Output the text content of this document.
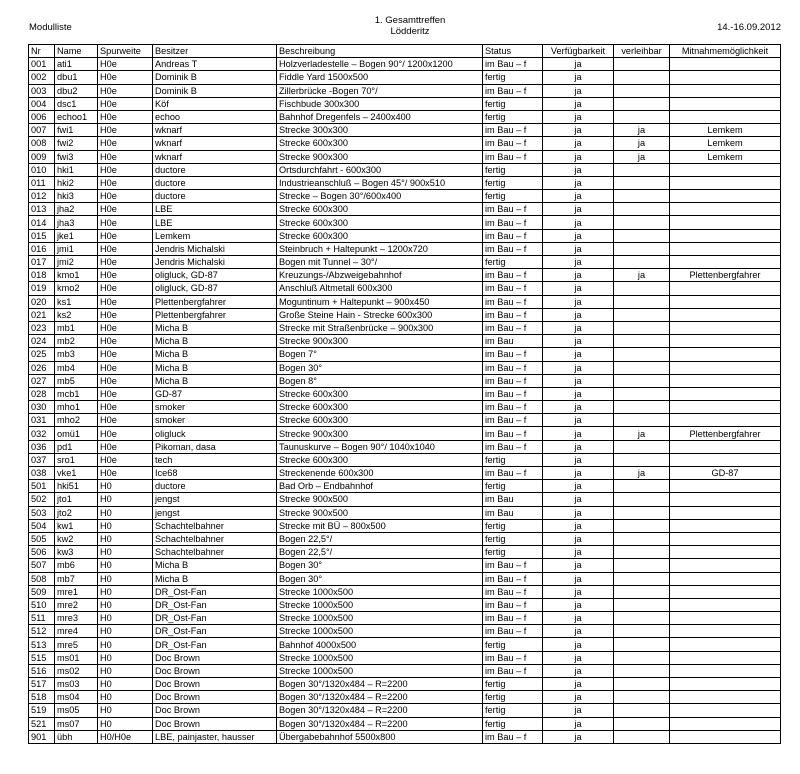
Modulliste
1. Gesamttreffen
Lödderitz	14.-16.09.2012
Nr	Name	Spurweite	Besitzer	Beschreibung	Status	Verfügbarkeit	verleihbar	Mitnahmemöglichkeit
001	ati1	H0e	Andreas T	Holzverladestelle – Bogen 90°/ 1200x1200	im Bau – f	ja		
002	dbu1	H0e	Dominik B	Fiddle Yard 1500x500	fertig	ja		
003	dbu2	H0e	Dominik B	Zillerbrücke -Bogen 70°/	im Bau – f	ja		
004	dsc1	H0e	Köf	Fischbude 300x300	fertig	ja		
006	echoo1	H0e	echoo	Bahnhof Dregenfels – 2400x400	fertig	ja		
007	fwi1	H0e	wknarf	Strecke 300x300	im Bau – f	ja	ja	Lemkem
008	fwi2	H0e	wknarf	Strecke 600x300	im Bau – f	ja	ja	Lemkem
009	fwi3	H0e	wknarf	Strecke 900x300	im Bau – f	ja	ja	Lemkem
010	hki1	H0e	ductore	Ortsdurchfahrt - 600x300	fertig	ja		
011	hki2	H0e	ductore	Industrieanschluß – Bogen 45°/ 900x510	fertig	ja		
012	hki3	H0e	ductore	Strecke – Bogen 30°/600x400	fertig	ja		
013	jha2	H0e	LBE	Strecke 600x300	im Bau – f	ja		
014	jha3	H0e	LBE	Strecke 600x300	im Bau – f	ja		
015	jke1	H0e	Lemkem	Strecke 600x300	im Bau – f	ja		
016	jmi1	H0e	Jendris Michalski	Steinbruch + Haltepunkt – 1200x720	im Bau – f	ja		
017	jmi2	H0e	Jendris Michalski	Bogen mit Tunnel – 30°/	fertig	ja		
018	kmo1	H0e	oligluck, GD-87	Kreuzungs-/Abzweigebahnhof	im Bau – f	ja	ja	Plettenbergfahrer
019	kmo2	H0e	oligluck, GD-87	Anschluß Altmetall 600x300	im Bau – f	ja		
020	ks1	H0e	Plettenbergfahrer	Moguntinum + Haltepunkt – 900x450	im Bau – f	ja		
021	ks2	H0e	Plettenbergfahrer	Große Steine Hain - Strecke 600x300	im Bau – f	ja		
023	mb1	H0e	Micha B	Strecke mit Straßenbrücke – 900x300	im Bau – f	ja		
024	mb2	H0e	Micha B	Strecke 900x300	im Bau	ja		
025	mb3	H0e	Micha B	Bogen 7°	im Bau – f	ja		
026	mb4	H0e	Micha B	Bogen 30°	im Bau – f	ja		
027	mb5	H0e	Micha B	Bogen 8°	im Bau – f	ja		
028	mcb1	H0e	GD-87	Strecke 600x300	im Bau – f	ja		
030	mho1	H0e	smoker	Strecke 600x300	im Bau – f	ja		
031	mho2	H0e	smoker	Strecke 600x300	im Bau – f	ja		
032	omü1	H0e	oligluck	Strecke 900x300	im Bau – f	ja	ja	Plettenbergfahrer
036	pd1	H0e	Pikoman, dasa	Taunuskurve – Bogen 90°/ 1040x1040	im Bau – f	ja		
037	sro1	H0e	tech	Strecke 600x300	fertig	ja		
038	vke1	H0e	Ice68	Streckenende 600x300	im Bau – f	ja	ja	GD-87
501	hki51	H0	ductore	Bad Orb – Endbahnhof	fertig	ja		
502	jto1	H0	jengst	Strecke 900x500	im Bau	ja		
503	jto2	H0	jengst	Strecke 900x500	im Bau	ja		
504	kw1	H0	Schachtelbahner	Strecke mit BÜ – 800x500	fertig	ja		
505	kw2	H0	Schachtelbahner	Bogen 22,5°/	fertig	ja		
506	kw3	H0	Schachtelbahner	Bogen 22,5°/	fertig	ja		
507	mb6	H0	Micha B	Bogen 30°	im Bau – f	ja		
508	mb7	H0	Micha B	Bogen 30°	im Bau – f	ja		
509	mre1	H0	DR_Ost-Fan	Strecke 1000x500	im Bau – f	ja		
510	mre2	H0	DR_Ost-Fan	Strecke 1000x500	im Bau – f	ja		
511	mre3	H0	DR_Ost-Fan	Strecke 1000x500	im Bau – f	ja		
512	mre4	H0	DR_Ost-Fan	Strecke 1000x500	im Bau – f	ja		
513	mre5	H0	DR_Ost-Fan	Bahnhof 4000x500	fertig	ja		
515	ms01	H0	Doc Brown	Strecke 1000x500	im Bau – f	ja		
516	ms02	H0	Doc Brown	Strecke 1000x500	im Bau – f	ja		
517	ms03	H0	Doc Brown	Bogen 30°/1320x484 – R=2200	fertig	ja		
518	ms04	H0	Doc Brown	Bogen 30°/1320x484 – R=2200	fertig	ja		
519	ms05	H0	Doc Brown	Bogen 30°/1320x484 – R=2200	fertig	ja		
521	ms07	H0	Doc Brown	Bogen 30°/1320x484 – R=2200	fertig	ja		
901	übh	H0/H0e	LBE, painjaster, hausser	Übergabebahnhof 5500x800	im Bau – f	ja		
